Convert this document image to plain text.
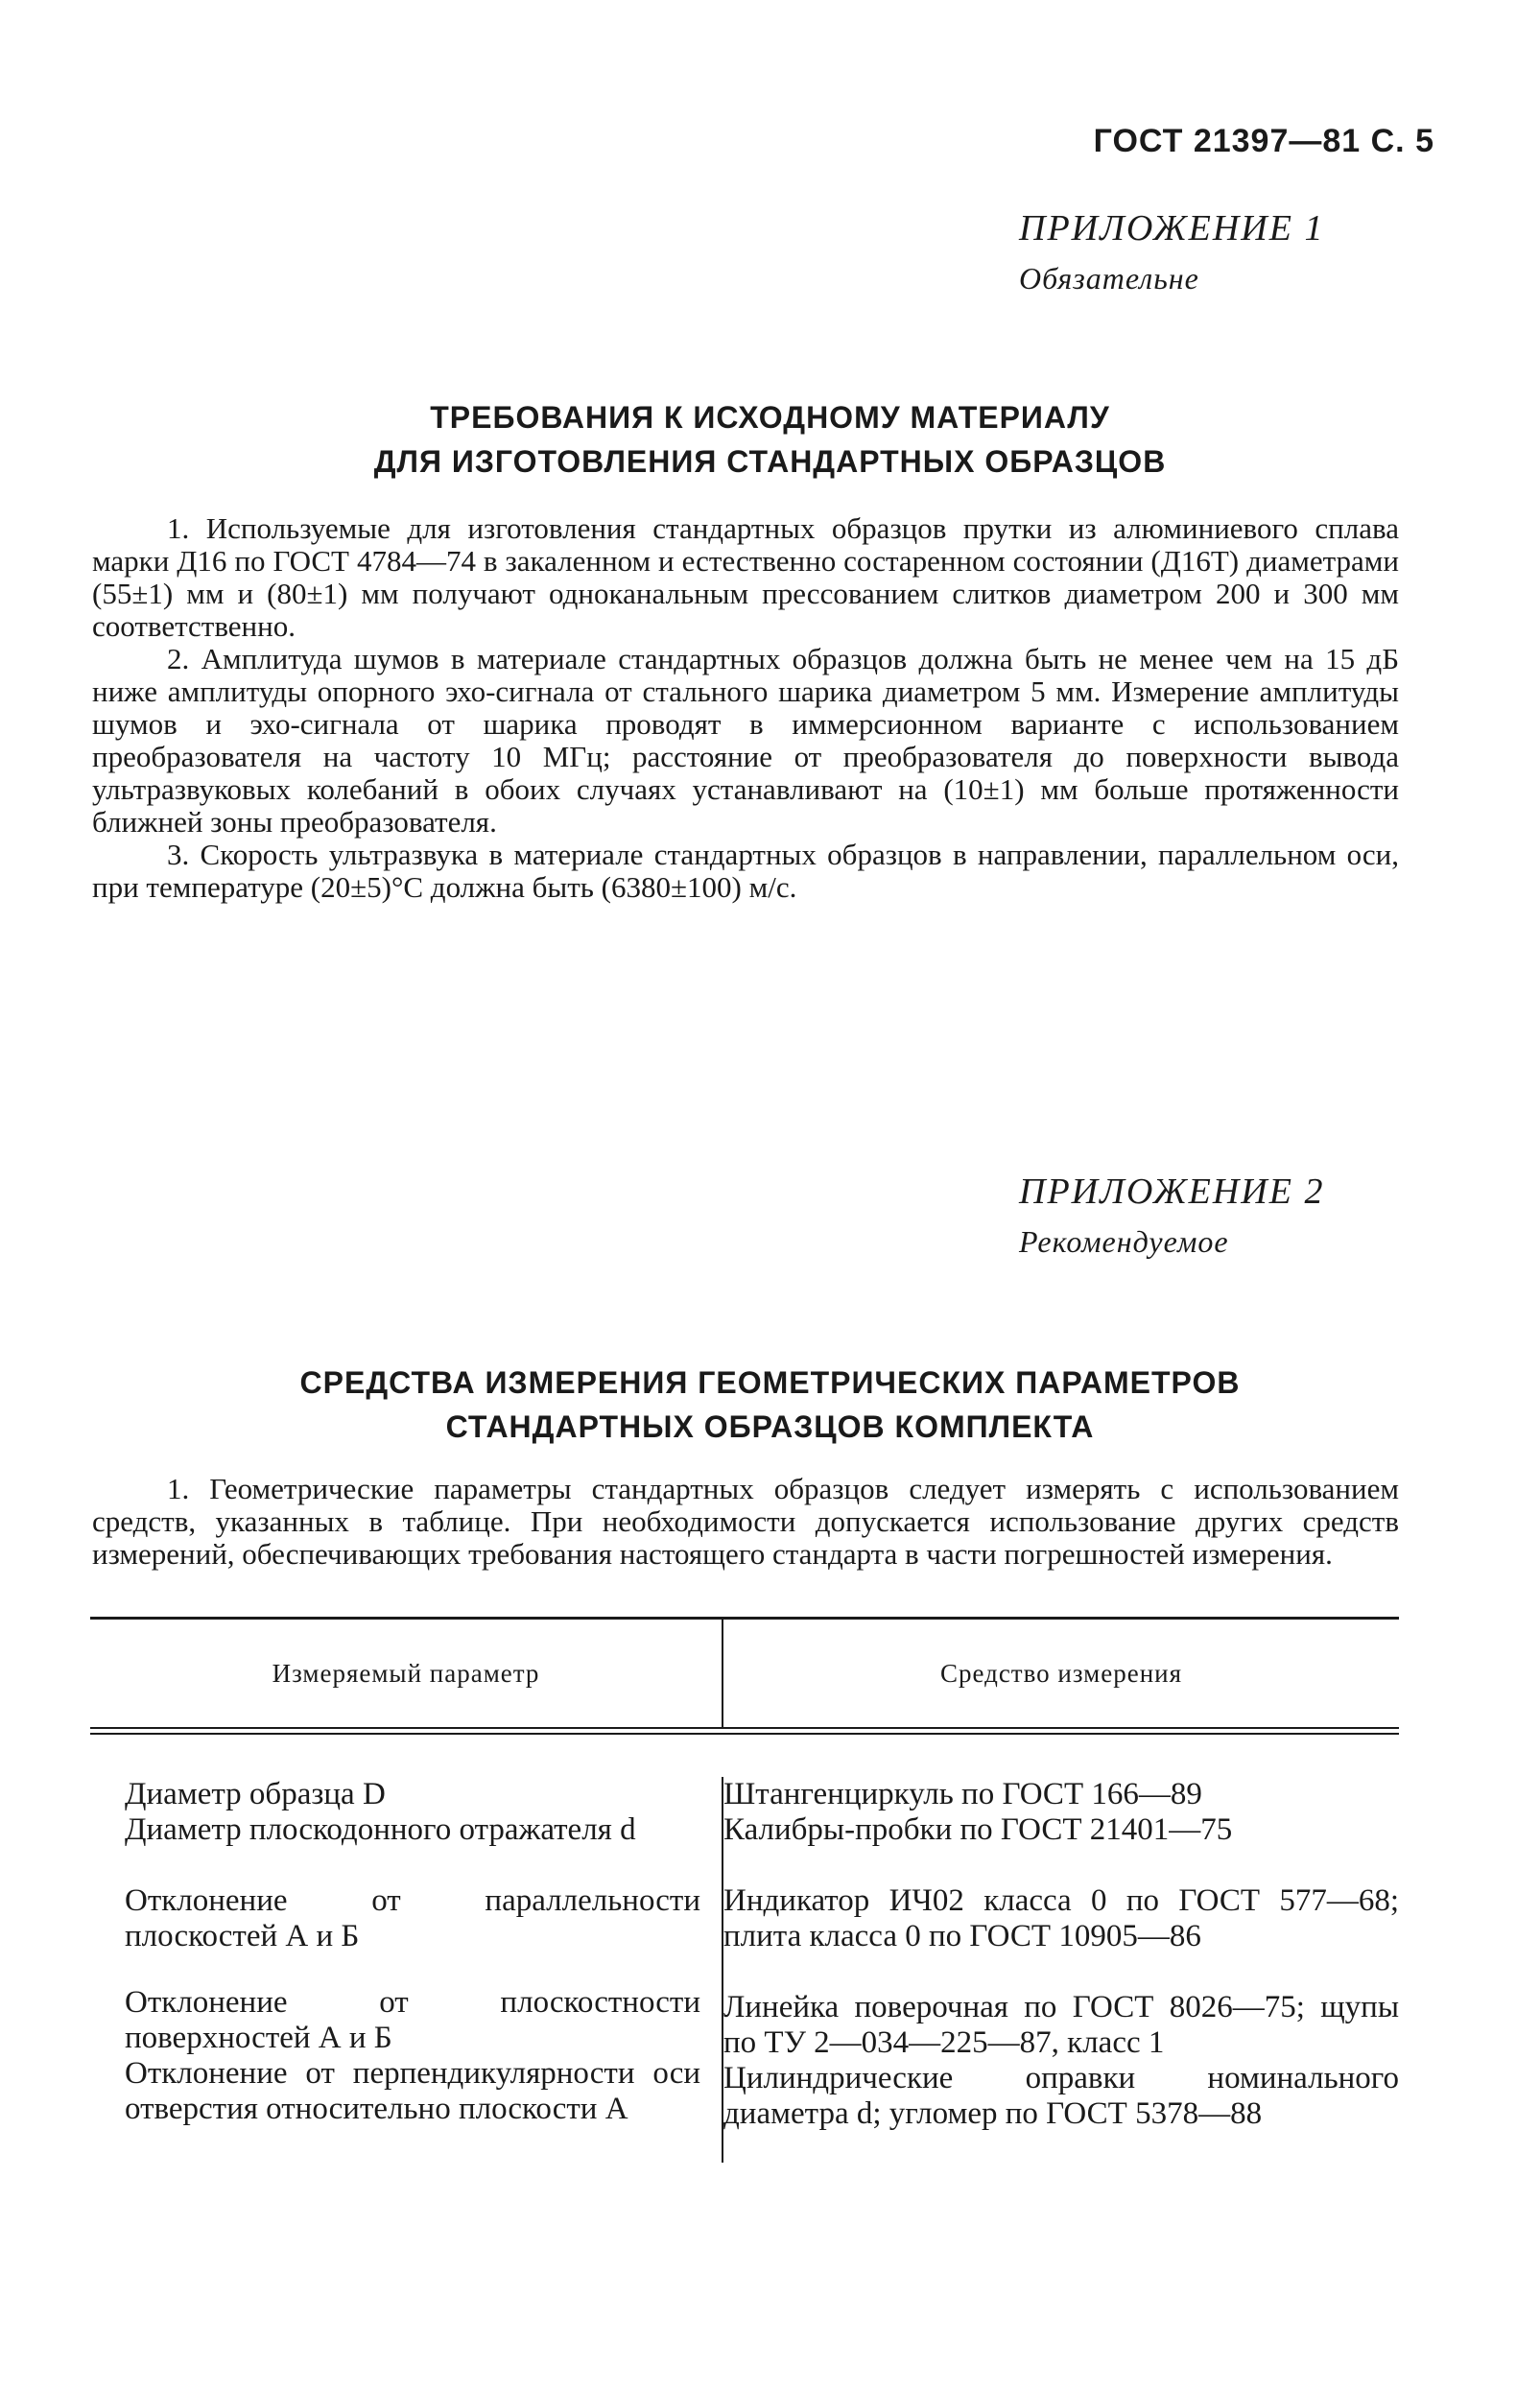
ГОСТ 21397—81 С. 5
ПРИЛОЖЕНИЕ 1
Обязательне
ТРЕБОВАНИЯ К ИСХОДНОМУ МАТЕРИАЛУ
ДЛЯ ИЗГОТОВЛЕНИЯ СТАНДАРТНЫХ ОБРАЗЦОВ

1. Используемые для изготовления стандартных образцов прутки из алюминиевого сплава марки Д16 по ГОСТ 4784—74 в закаленном и естественно состаренном состоянии (Д16Т) диаметрами (55±1) мм и (80±1) мм получают одноканальным прессованием слитков диаметром 200 и 300 мм соответственно.

2. Амплитуда шумов в материале стандартных образцов должна быть не менее чем на 15 дБ ниже амплитуды опорного эхо-сигнала от стального шарика диаметром 5 мм. Измерение амплитуды шумов и эхо-сигнала от шарика проводят в иммерсионном варианте с использованием преобразователя на частоту 10 МГц; расстояние от преобразователя до поверхности вывода ультразвуковых колебаний в обоих случаях устанавливают на (10±1) мм больше протяженности ближней зоны преобразователя.

3. Скорость ультразвука в материале стандартных образцов в направлении, параллельном оси, при температуре (20±5)°С должна быть (6380±100) м/с.

ПРИЛОЖЕНИЕ 2
Рекомендуемое
СРЕДСТВА ИЗМЕРЕНИЯ ГЕОМЕТРИЧЕСКИХ ПАРАМЕТРОВ
СТАНДАРТНЫХ ОБРАЗЦОВ КОМПЛЕКТА

1. Геометрические параметры стандартных образцов следует измерять с использованием средств, указанных в таблице. При необходимости допускается использование других средств измерений, обеспечивающих требования настоящего стандарта в части погрешностей измерения.

Измеряемый параметр	Средство измерения
Диаметр образца D
Диаметр плоскодонного отражателя d
Отклонение от параллельности плоскостей А и Б
Отклонение от плоскостности поверхностей А и Б
Отклонение от перпендикулярности оси отверстия относительно плоскости А
Штангенциркуль по ГОСТ 166—89
Калибры-пробки по ГОСТ 21401—75
Индикатор ИЧ02 класса 0 по ГОСТ 577—68; плита класса 0 по ГОСТ 10905—86
Линейка поверочная по ГОСТ 8026—75; щупы по ТУ 2—034—225—87, класс 1
Цилиндрические оправки номинального диаметра d; угломер по ГОСТ 5378—88
